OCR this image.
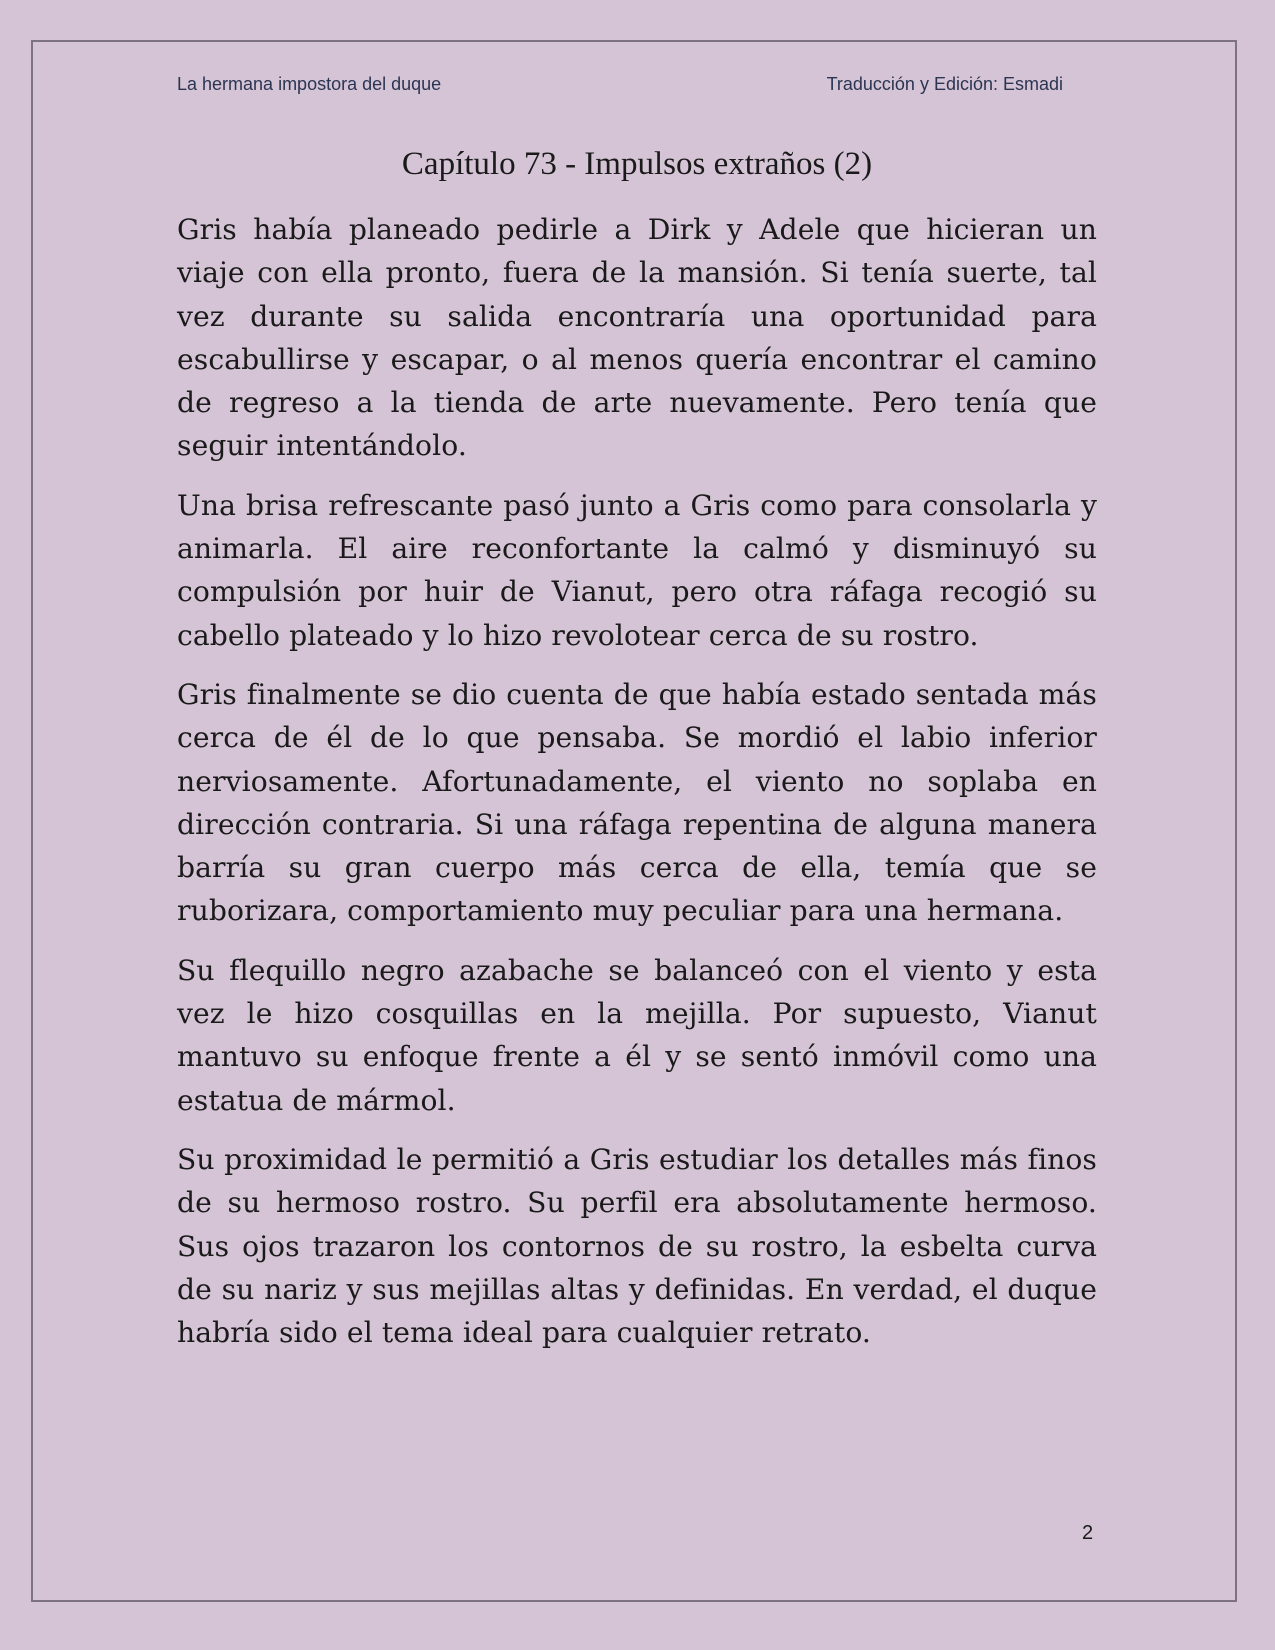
La hermana impostora del duque	Traducción y Edición: Esmadi
Capítulo 73 - Impulsos extraños (2)

Gris había planeado pedirle a Dirk y Adele que hicieran un viaje con ella pronto, fuera de la mansión. Si tenía suerte, tal vez durante su salida encontraría una oportunidad para escabullirse y escapar, o al menos quería encontrar el camino de regreso a la tienda de arte nuevamente. Pero tenía que seguir intentándolo.

Una brisa refrescante pasó junto a Gris como para consolarla y animarla. El aire reconfortante la calmó y disminuyó su compulsión por huir de Vianut, pero otra ráfaga recogió su cabello plateado y lo hizo revolotear cerca de su rostro.

Gris finalmente se dio cuenta de que había estado sentada más cerca de él de lo que pensaba. Se mordió el labio inferior nerviosamente. Afortunadamente, el viento no soplaba en dirección contraria. Si una ráfaga repentina de alguna manera barría su gran cuerpo más cerca de ella, temía que se ruborizara, comportamiento muy peculiar para una hermana.

Su flequillo negro azabache se balanceó con el viento y esta vez le hizo cosquillas en la mejilla. Por supuesto, Vianut mantuvo su enfoque frente a él y se sentó inmóvil como una estatua de mármol.

Su proximidad le permitió a Gris estudiar los detalles más finos de su hermoso rostro. Su perfil era absolutamente hermoso. Sus ojos trazaron los contornos de su rostro, la esbelta curva de su nariz y sus mejillas altas y definidas. En verdad, el duque habría sido el tema ideal para cualquier retrato.

2
